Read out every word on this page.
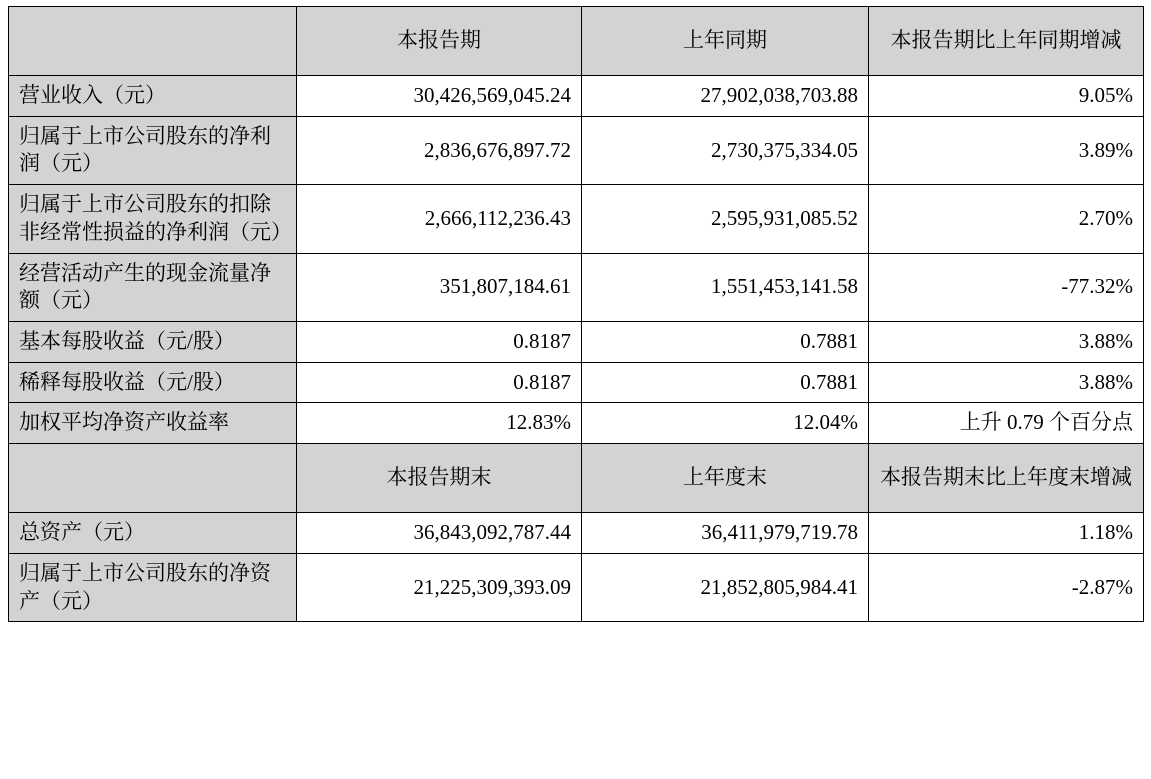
	本报告期	上年同期	本报告期比上年同期增减
营业收入（元）	30,426,569,045.24	27,902,038,703.88	9.05%
归属于上市公司股东的净利润（元）	2,836,676,897.72	2,730,375,334.05	3.89%
归属于上市公司股东的扣除非经常性损益的净利润（元）	2,666,112,236.43	2,595,931,085.52	2.70%
经营活动产生的现金流量净额（元）	351,807,184.61	1,551,453,141.58	-77.32%
基本每股收益（元/股）	0.8187	0.7881	3.88%
稀释每股收益（元/股）	0.8187	0.7881	3.88%
加权平均净资产收益率	12.83%	12.04%	上升 0.79 个百分点
	本报告期末	上年度末	本报告期末比上年度末增减
总资产（元）	36,843,092,787.44	36,411,979,719.78	1.18%
归属于上市公司股东的净资产（元）	21,225,309,393.09	21,852,805,984.41	-2.87%
